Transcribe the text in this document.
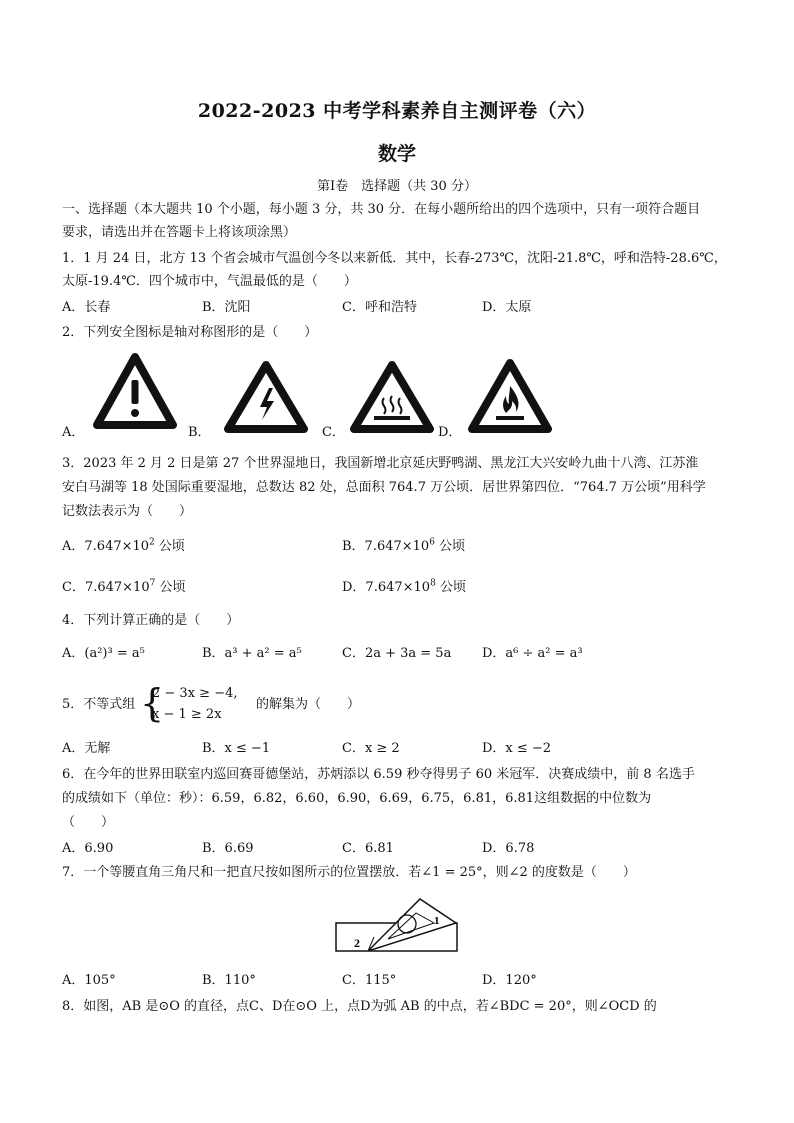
2022-2023 中考学科素养自主测评卷（六）
数学
第Ⅰ卷　选择题（共 30 分）
一、选择题（本大题共 10 个小题，每小题 3 分，共 30 分．在每小题所给出的四个选项中，只有一项符合题目
要求，请选出并在答题卡上将该项涂黑）
1．1 月 24 日，北方 13 个省会城市气温创今冬以来新低．其中，长春-273℃，沈阳-21.8℃，呼和浩特-28.6℃，
太原-19.4℃．四个城市中，气温最低的是（　　）
A．长春	B．沈阳	C．呼和浩特	D．太原
2．下列安全图标是轴对称图形的是（　　）
A．	B．	C．	D．
3．2023 年 2 月 2 日是第 27 个世界湿地日，我国新增北京延庆野鸭湖、黑龙江大兴安岭九曲十八湾、江苏淮
安白马湖等 18 处国际重要湿地，总数达 82 处，总面积 764.7 万公顷．居世界第四位．“764.7 万公顷”用科学
记数法表示为（　　）
A．$7.647\times 10^2$ 公顷	B．$7.647\times 10^6$ 公顷
C．$7.647\times 10^7$ 公顷	D．$7.647\times 10^8$ 公顷
4．下列计算正确的是（　　）
A．(a²)³ = a⁵	B．a³ + a² = a⁵	C．2a + 3a = 5a D．a⁶ ÷ a² = a³
5．不等式组 {
2 − 3x ≥ −4,
x − 1 ≥ 2x
的解集为（　　）
A．无解	B．x ≤ −1	C．x ≥ 2	D．x ≤ −2
6．在今年的世界田联室内巡回赛哥德堡站，苏炳添以 6.59 秒夺得男子 60 米冠军．决赛成绩中，前 8 名选手
的成绩如下（单位：秒）：6.59，6.82，6.60，6.90，6.69，6.75，6.81，6.81这组数据的中位数为
（　　）
A．6.90	B．6.69	C．6.81	D．6.78
7．一个等腰直角三角尺和一把直尺按如图所示的位置摆放．若∠1 = 25°，则∠2 的度数是（　　）
1
2
A．105°	B．110°	C．115°	D．120°
8．如图，AB 是⊙O 的直径，点C、D在⊙O 上，点D为弧 AB 的中点，若∠BDC = 20°，则∠OCD 的
